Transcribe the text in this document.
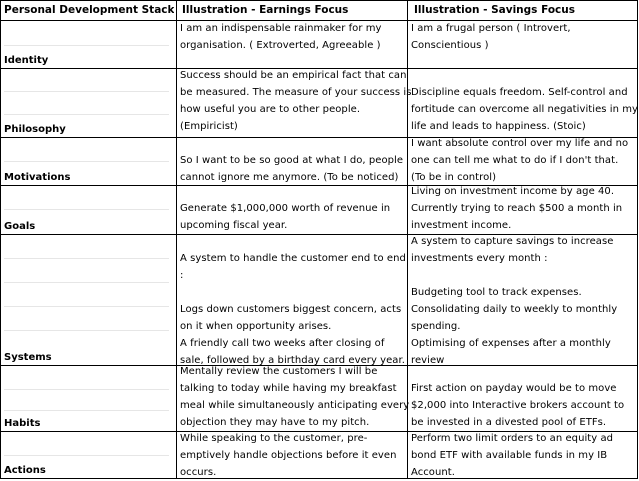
Personal Development Stack Illustration - Earnings Focus	Illustration - Savings Focus
Identity
I am an indispensable rainmaker for my
organisation. ( Extroverted, Agreeable )
I am a frugal person ( Introvert,
Conscientious )
Philosophy
Success should be an empirical fact that can
be measured. The measure of your success is
how useful you are to other people.
(Empiricist)

Discipline equals freedom. Self-control and
fortitude can overcome all negativities in my
life and leads to happiness. (Stoic)
Motivations

So I want to be so good at what I do, people
cannot ignore me anymore. (To be noticed)
I want absolute control over my life and no
one can tell me what to do if I don't that.
(To be in control)
Goals

Generate $1,000,000 worth of revenue in
upcoming fiscal year.
Living on investment income by age 40.
Currently trying to reach $500 a month in
investment income.
Systems

A system to handle the customer end to end :

Logs down customers biggest concern, acts
on it when opportunity arises.
A friendly call two weeks after closing of
sale, followed by a birthday card every year.
A system to capture savings to increase
investments every month :

Budgeting tool to track expenses.
Consolidating daily to weekly to monthly
spending.
Optimising of expenses after a monthly
review
Habits
Mentally review the customers I will be
talking to today while having my breakfast
meal while simultaneously anticipating every
objection they may have to my pitch.

First action on payday would be to move
$2,000 into Interactive brokers account to
be invested in a divested pool of ETFs.
Actions
While speaking to the customer, pre-
emptively handle objections before it even
occurs.
Perform two limit orders to an equity ad
bond ETF with available funds in my IB
Account.
